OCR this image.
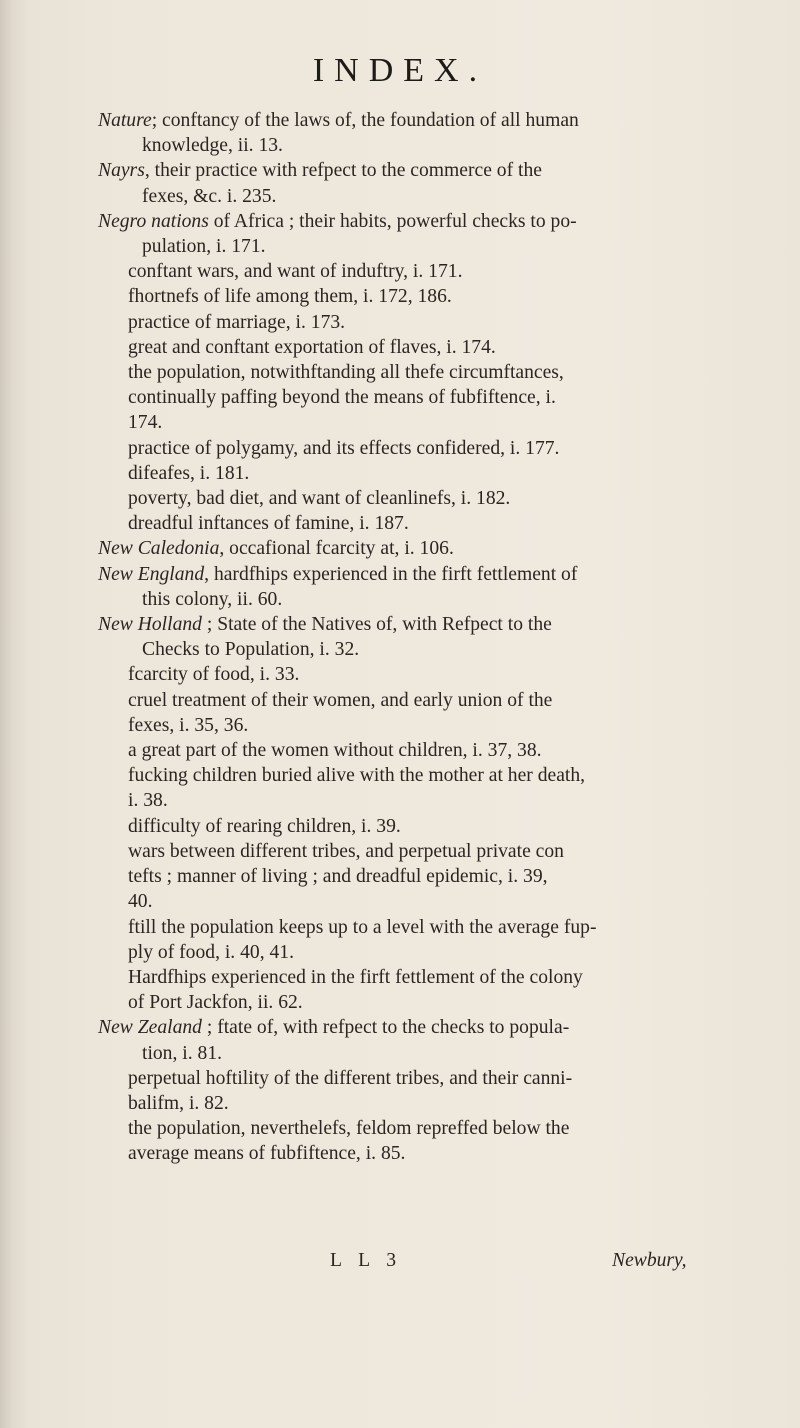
INDEX.
Nature; conftancy of the laws of, the foundation of all human
knowledge, ii. 13.
Nayrs, their practice with refpect to the commerce of the
fexes, &c. i. 235.
Negro nations of Africa ; their habits, powerful checks to po-
pulation, i. 171.
conftant wars, and want of induftry, i. 171.
fhortnefs of life among them, i. 172, 186.
practice of marriage, i. 173.
great and conftant exportation of flaves, i. 174.
the population, notwithftanding all thefe circumftances,
continually paffing beyond the means of fubfiftence, i.
174.
practice of polygamy, and its effects confidered, i. 177.
difeafes, i. 181.
poverty, bad diet, and want of cleanlinefs, i. 182.
dreadful inftances of famine, i. 187.
New Caledonia, occafional fcarcity at, i. 106.
New England, hardfhips experienced in the firft fettlement of
this colony, ii. 60.
New Holland ; State of the Natives of, with Refpect to the
Checks to Population, i. 32.
fcarcity of food, i. 33.
cruel treatment of their women, and early union of the
fexes, i. 35, 36.
a great part of the women without children, i. 37, 38.
fucking children buried alive with the mother at her death,
i. 38.
difficulty of rearing children, i. 39.
wars between different tribes, and perpetual private con
tefts ; manner of living ; and dreadful epidemic, i. 39,
40.
ftill the population keeps up to a level with the average fup-
ply of food, i. 40, 41.
Hardfhips experienced in the firft fettlement of the colony
of Port Jackfon, ii. 62.
New Zealand ; ftate of, with refpect to the checks to popula-
tion, i. 81.
perpetual hoftility of the different tribes, and their canni-
balifm, i. 82.
the population, neverthelefs, feldom repreffed below the
average means of fubfiftence, i. 85.
L L 3	Newbury,
